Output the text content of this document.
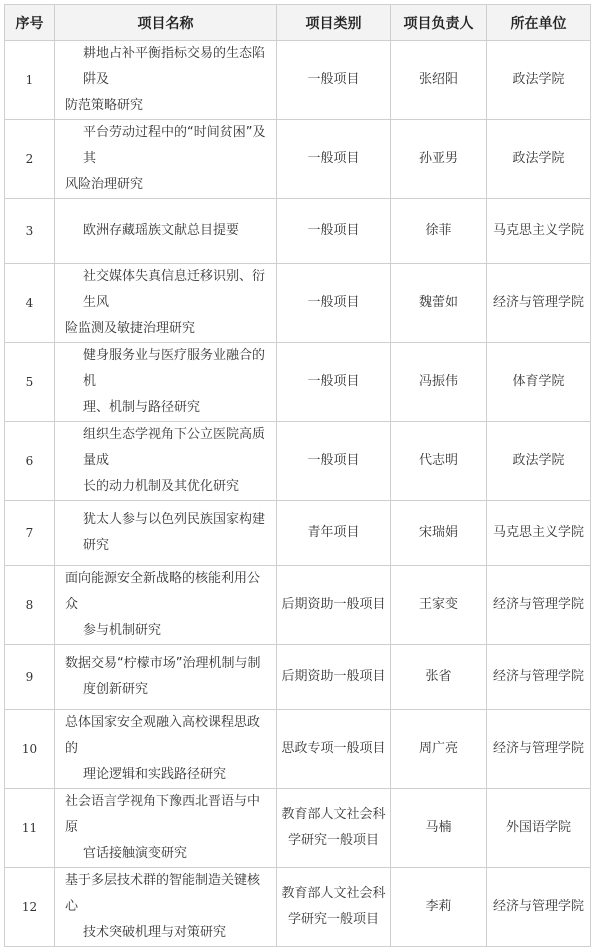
序号	项目名称	项目类别	项目负责人	所在单位
1	耕地占补平衡指标交易的生态陷阱及
防范策略研究	一般项目	张绍阳	政法学院
2	平台劳动过程中的“时间贫困”及其
风险治理研究	一般项目	孙亚男	政法学院
3	欧洲存藏瑶族文献总目提要	一般项目	徐菲	马克思主义学院
4	社交媒体失真信息迁移识别、衍生风
险监测及敏捷治理研究	一般项目	魏蕾如	经济与管理学院
5	健身服务业与医疗服务业融合的机
理、机制与路径研究	一般项目	冯振伟	体育学院
6	组织生态学视角下公立医院高质量成
长的动力机制及其优化研究	一般项目	代志明	政法学院
7	犹太人参与以色列民族国家构建研究	青年项目	宋瑞娟	马克思主义学院
8	面向能源安全新战略的核能利用公众
参与机制研究	后期资助一般项目	王家变	经济与管理学院
9	数据交易“柠檬市场”治理机制与制
度创新研究	后期资助一般项目	张省	经济与管理学院
10	总体国家安全观融入高校课程思政的
理论逻辑和实践路径研究	思政专项一般项目	周广亮	经济与管理学院
11	社会语言学视角下豫西北晋语与中原
官话接触演变研究	教育部人文社会科
学研究一般项目	马楠	外国语学院
12	基于多层技术群的智能制造关键核心
技术突破机理与对策研究	教育部人文社会科
学研究一般项目	李莉	经济与管理学院
